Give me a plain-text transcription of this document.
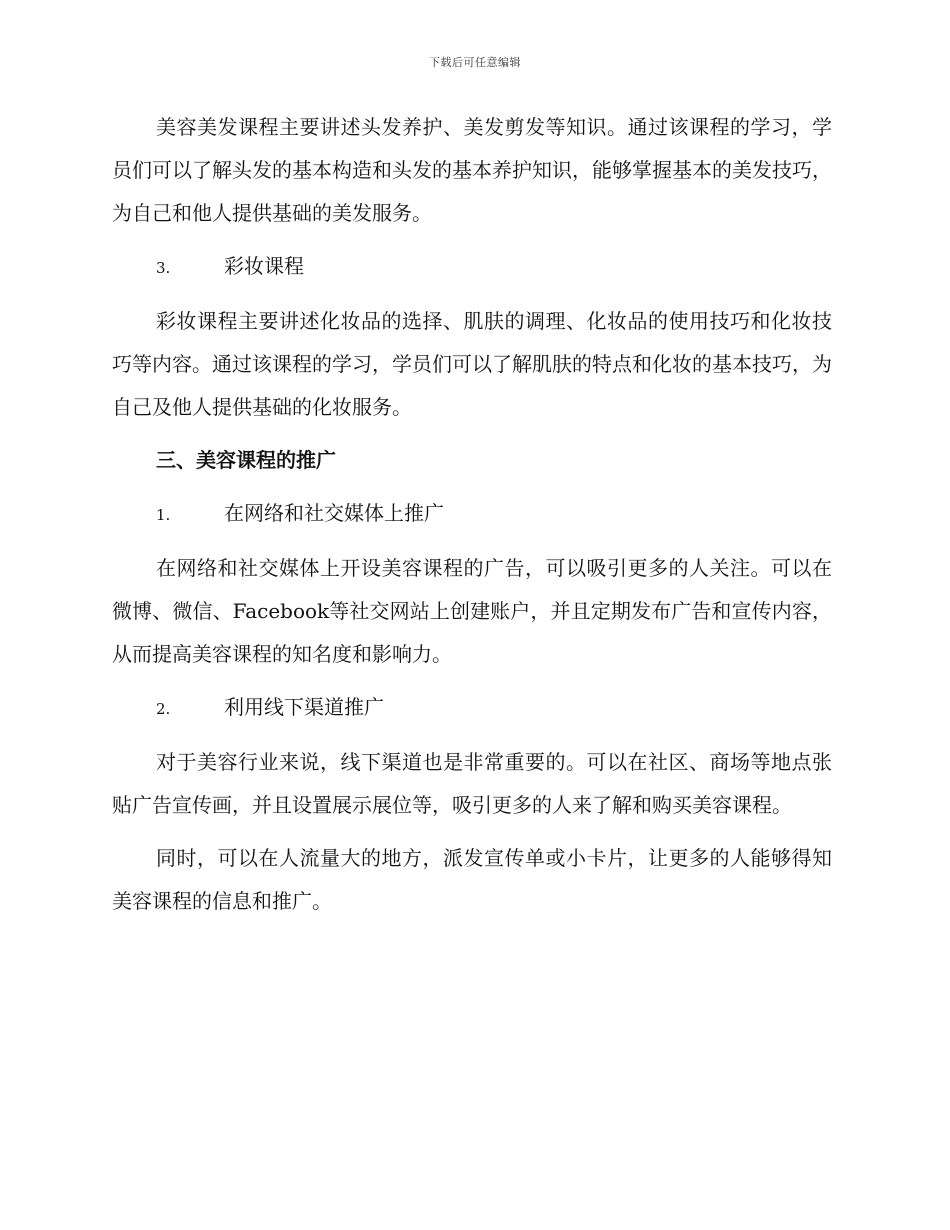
下载后可任意编辑

美容美发课程主要讲述头发养护、美发剪发等知识。通过该课程的学习，学员们可以了解头发的基本构造和头发的基本养护知识，能够掌握基本的美发技巧，为自己和他人提供基础的美发服务。

3.	彩妆课程

彩妆课程主要讲述化妆品的选择、肌肤的调理、化妆品的使用技巧和化妆技巧等内容。通过该课程的学习，学员们可以了解肌肤的特点和化妆的基本技巧，为自己及他人提供基础的化妆服务。

三、美容课程的推广
1.	在网络和社交媒体上推广

在网络和社交媒体上开设美容课程的广告，可以吸引更多的人关注。可以在微博、微信、Facebook等社交网站上创建账户，并且定期发布广告和宣传内容，从而提高美容课程的知名度和影响力。

2.	利用线下渠道推广

对于美容行业来说，线下渠道也是非常重要的。可以在社区、商场等地点张贴广告宣传画，并且设置展示展位等，吸引更多的人来了解和购买美容课程。

同时，可以在人流量大的地方，派发宣传单或小卡片，让更多的人能够得知美容课程的信息和推广。
